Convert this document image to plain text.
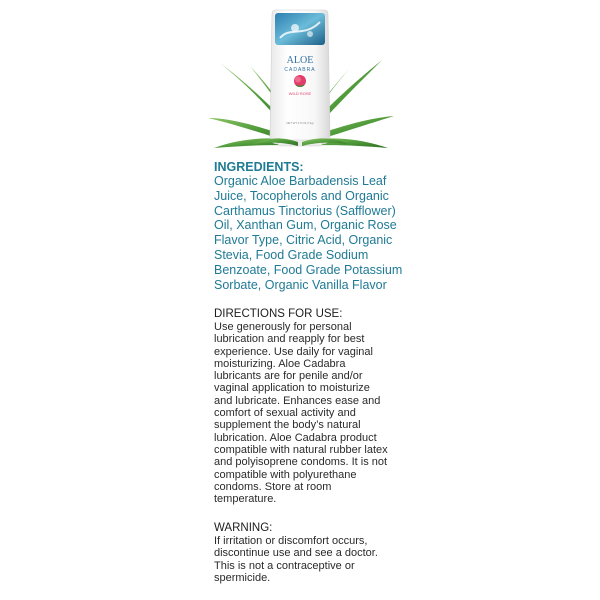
ALOE
CADABRA
WILD ROSE
NET WT 2.5 OZ (71g)
INGREDIENTS:
Organic Aloe Barbadensis Leaf
Juice, Tocopherols and Organic
Carthamus Tinctorius (Safflower)
Oil, Xanthan Gum, Organic Rose
Flavor Type, Citric Acid, Organic
Stevia, Food Grade Sodium
Benzoate, Food Grade Potassium
Sorbate, Organic Vanilla Flavor
DIRECTIONS FOR USE:
Use generously for personal
lubrication and reapply for best
experience. Use daily for vaginal
moisturizing. Aloe Cadabra
lubricants are for penile and/or
vaginal application to moisturize
and lubricate. Enhances ease and
comfort of sexual activity and
supplement the body’s natural
lubrication. Aloe Cadabra product
compatible with natural rubber latex
and polyisoprene condoms. It is not
compatible with polyurethane
condoms. Store at room
temperature.
WARNING:
If irritation or discomfort occurs,
discontinue use and see a doctor.
This is not a contraceptive or
spermicide.
